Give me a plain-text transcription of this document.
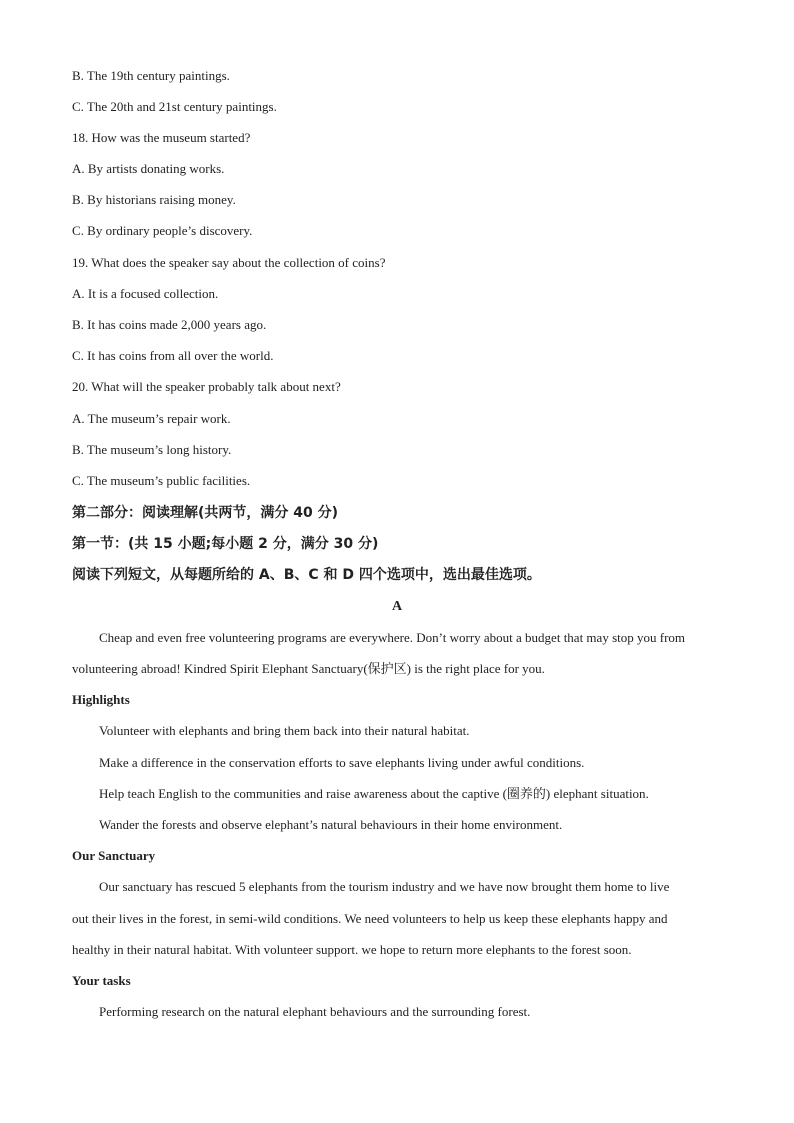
B. The 19th century paintings.
C. The 20th and 21st century paintings.
18. How was the museum started?
A. By artists donating works.
B. By historians raising money.
C. By ordinary people’s discovery.
19. What does the speaker say about the collection of coins?
A. It is a focused collection.
B. It has coins made 2,000 years ago.
C. It has coins from all over the world.
20. What will the speaker probably talk about next?
A. The museum’s repair work.
B. The museum’s long history.
C. The museum’s public facilities.
第二部分：阅读理解(共两节，满分 40 分)
第一节：(共 15 小题;每小题 2 分，满分 30 分)
阅读下列短文，从每题所给的 A、B、C 和 D 四个选项中，选出最佳选项。
A
Cheap and even free volunteering programs are everywhere. Don’t worry about a budget that may stop you from
volunteering abroad! Kindred Spirit Elephant Sanctuary(保护区) is the right place for you.
Highlights
Volunteer with elephants and bring them back into their natural habitat.
Make a difference in the conservation efforts to save elephants living under awful conditions.
Help teach English to the communities and raise awareness about the captive (圈养的) elephant situation.
Wander the forests and observe elephant’s natural behaviours in their home environment.
Our Sanctuary
Our sanctuary has rescued 5 elephants from the tourism industry and we have now brought them home to live
out their lives in the forest, in semi-wild conditions. We need volunteers to help us keep these elephants happy and
healthy in their natural habitat. With volunteer support. we hope to return more elephants to the forest soon.
Your tasks
Performing research on the natural elephant behaviours and the surrounding forest.
